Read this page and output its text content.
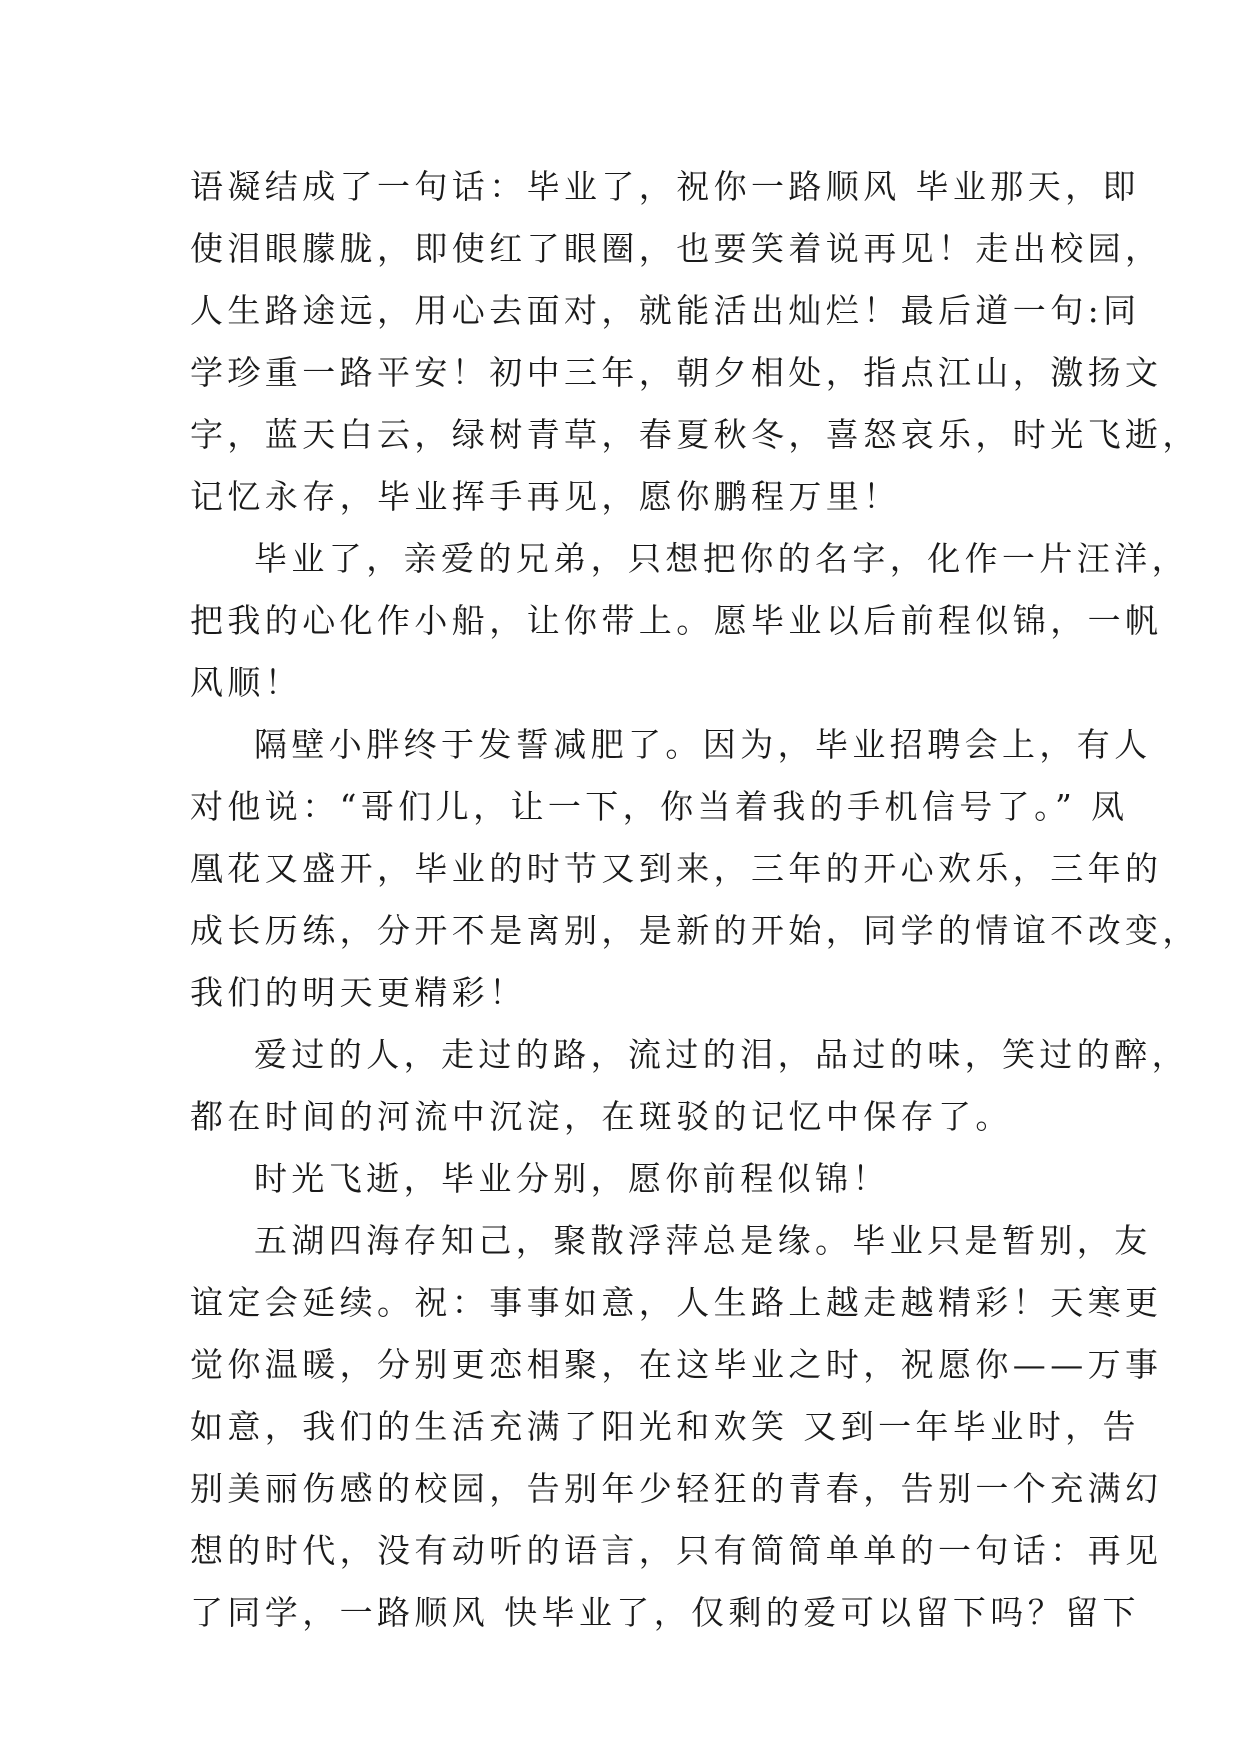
语凝结成了一句话：毕业了，祝你一路顺风 毕业那天，即
使泪眼朦胧，即使红了眼圈，也要笑着说再见！走出校园，
人生路途远，用心去面对，就能活出灿烂！最后道一句:同
学珍重一路平安！初中三年，朝夕相处，指点江山，激扬文
字，蓝天白云，绿树青草，春夏秋冬，喜怒哀乐，时光飞逝，
记忆永存，毕业挥手再见，愿你鹏程万里！

毕业了，亲爱的兄弟，只想把你的名字，化作一片汪洋，
把我的心化作小船，让你带上。愿毕业以后前程似锦，一帆
风顺！

隔壁小胖终于发誓减肥了。因为，毕业招聘会上，有人
对他说：“哥们儿，让一下，你当着我的手机信号了。” 凤
凰花又盛开，毕业的时节又到来，三年的开心欢乐，三年的
成长历练，分开不是离别，是新的开始，同学的情谊不改变，
我们的明天更精彩！

爱过的人，走过的路，流过的泪，品过的味，笑过的醉，
都在时间的河流中沉淀，在斑驳的记忆中保存了。

时光飞逝，毕业分别，愿你前程似锦！

五湖四海存知己，聚散浮萍总是缘。毕业只是暂别，友
谊定会延续。祝：事事如意，人生路上越走越精彩！天寒更
觉你温暖，分别更恋相聚，在这毕业之时，祝愿你——万事
如意，我们的生活充满了阳光和欢笑 又到一年毕业时，告
别美丽伤感的校园，告别年少轻狂的青春，告别一个充满幻
想的时代，没有动听的语言，只有简简单单的一句话：再见
了同学，一路顺风 快毕业了，仅剩的爱可以留下吗？留下
